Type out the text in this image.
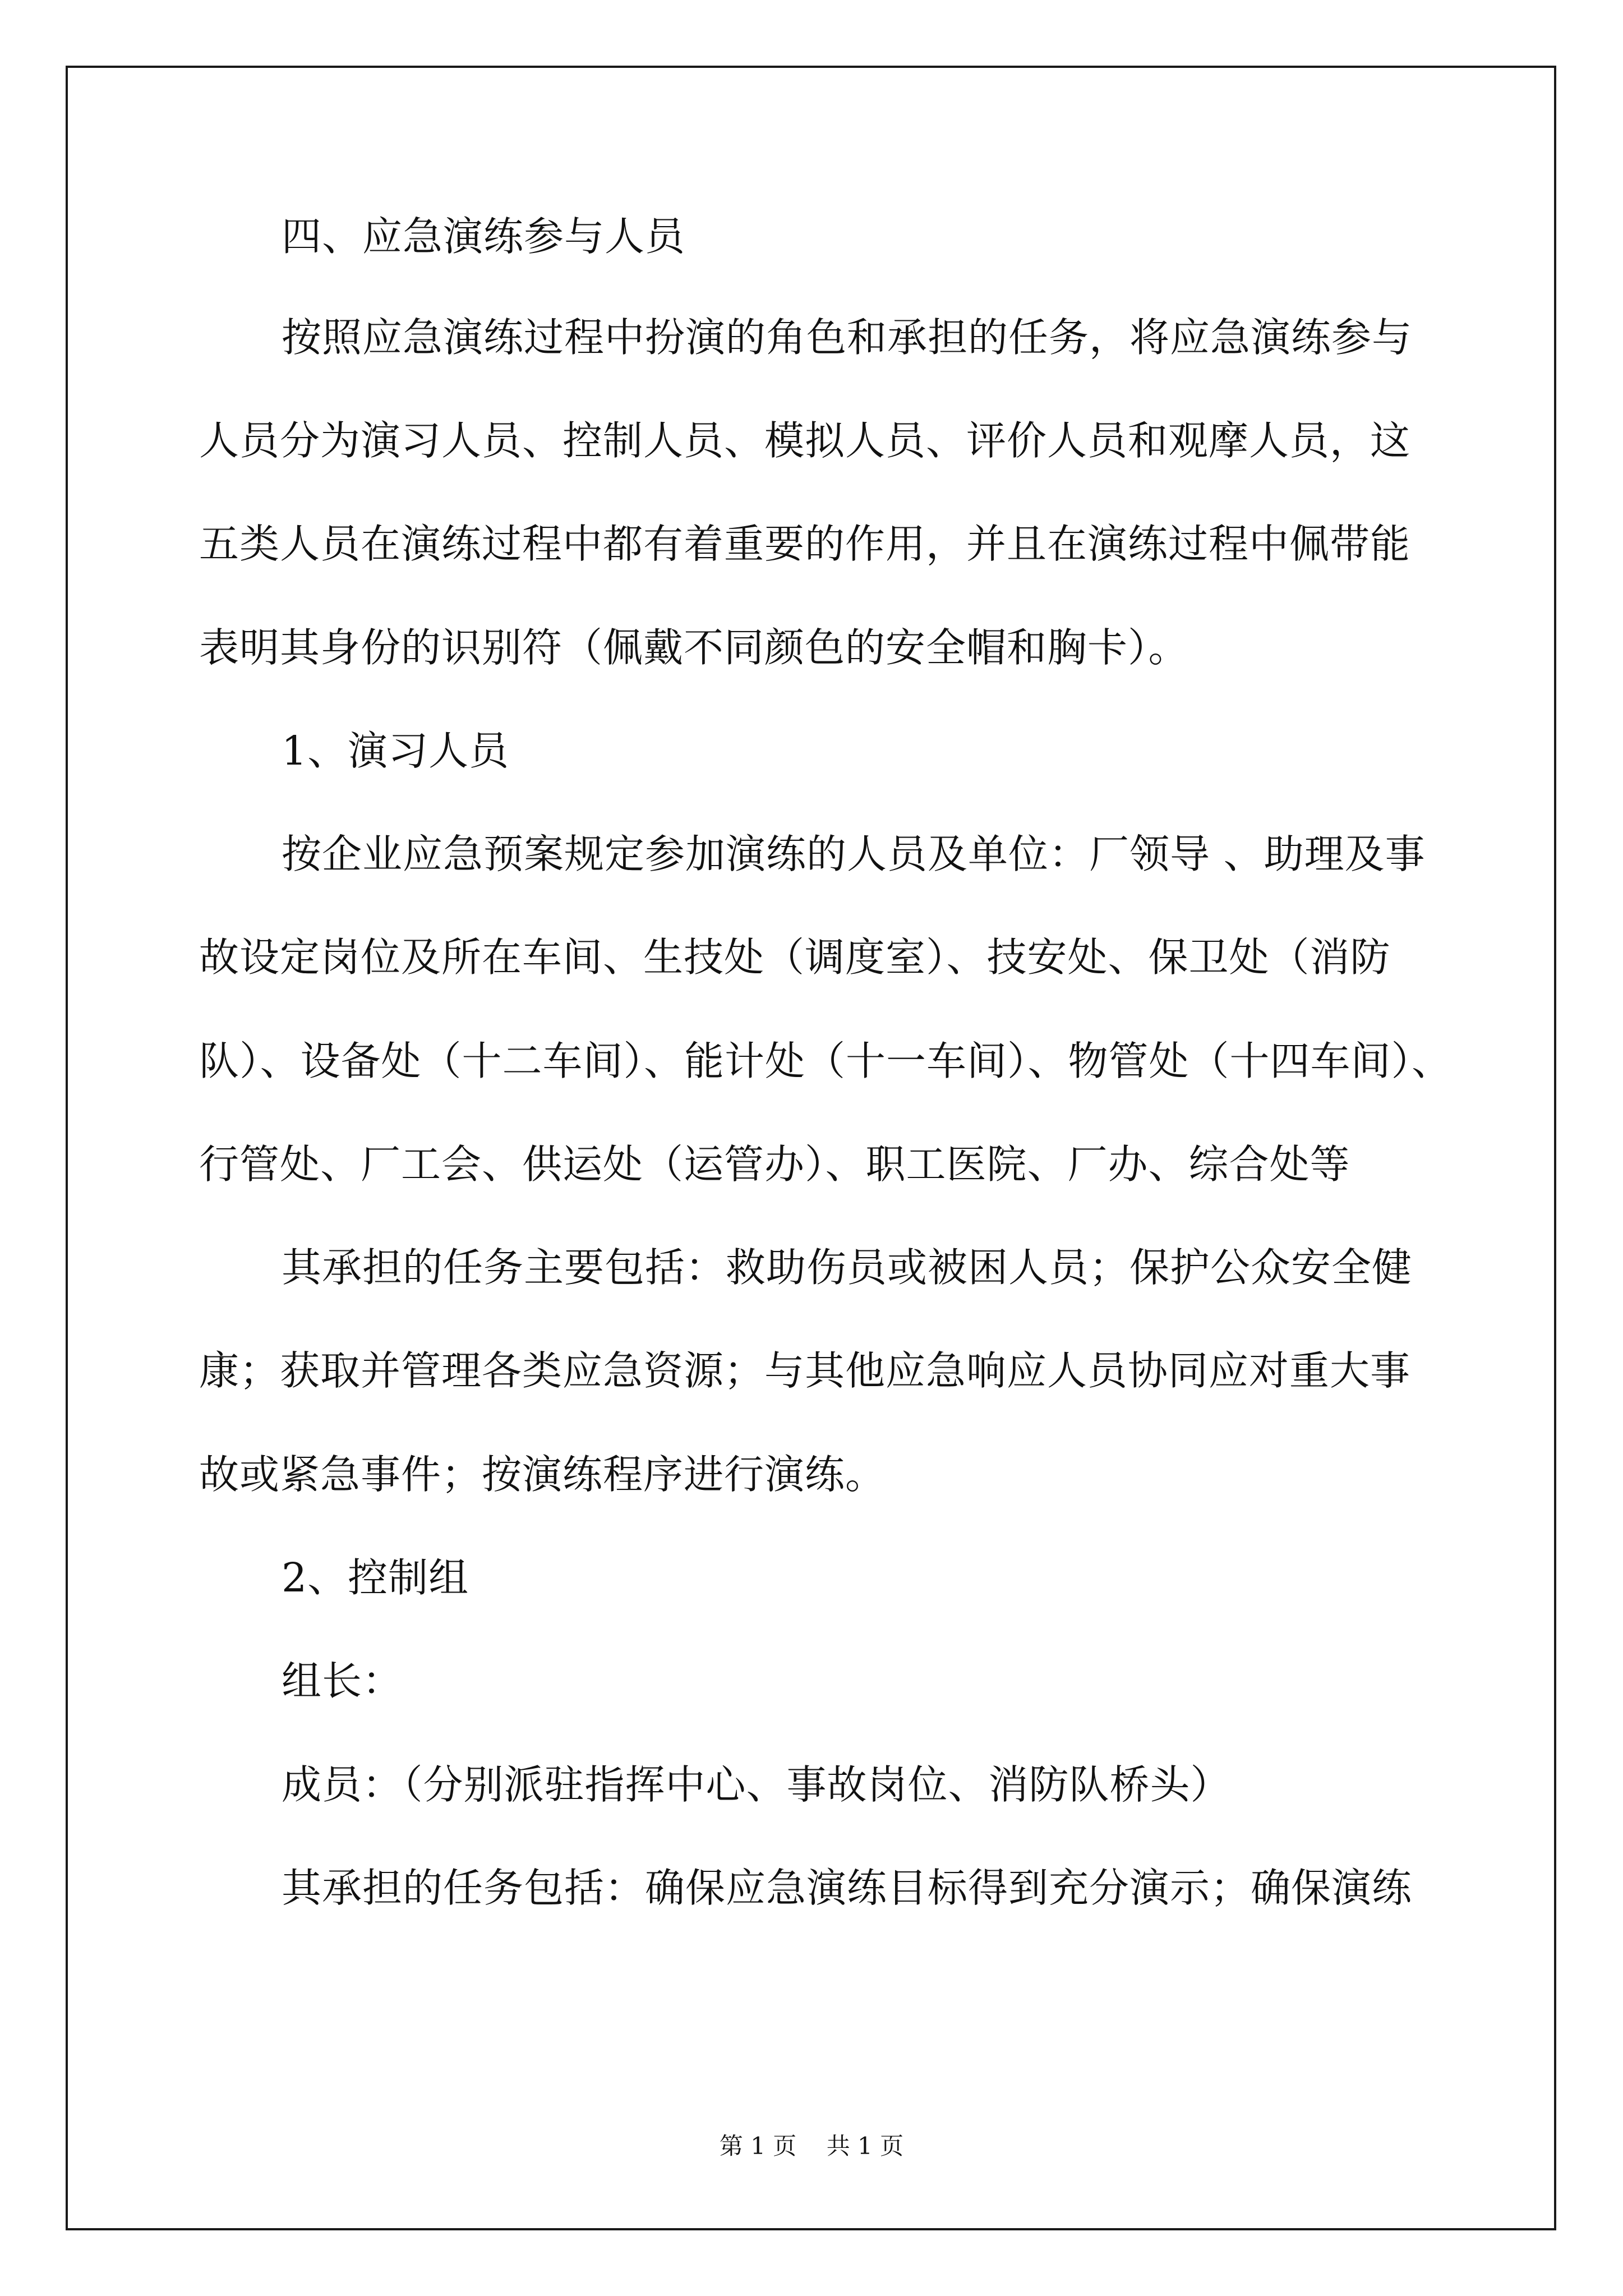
四、应急演练参与人员
按照应急演练过程中扮演的角色和承担的任务，将应急演练参与
人员分为演习人员、控制人员、模拟人员、评价人员和观摩人员，这
五类人员在演练过程中都有着重要的作用，并且在演练过程中佩带能
表明其身份的识别符（佩戴不同颜色的安全帽和胸卡）。
1、演习人员
按企业应急预案规定参加演练的人员及单位：厂领导 、助理及事
故设定岗位及所在车间、生技处（调度室）、技安处、保卫处（消防
队）、设备处（十二车间）、能计处（十一车间）、物管处（十四车间）、
行管处、厂工会、供运处（运管办）、职工医院、厂办、综合处等
其承担的任务主要包括：救助伤员或被困人员；保护公众安全健
康；获取并管理各类应急资源；与其他应急响应人员协同应对重大事
故或紧急事件；按演练程序进行演练。
2、控制组
组长：
成员：（分别派驻指挥中心、事故岗位、消防队桥头）
其承担的任务包括：确保应急演练目标得到充分演示；确保演练
第 1 页    共 1 页
